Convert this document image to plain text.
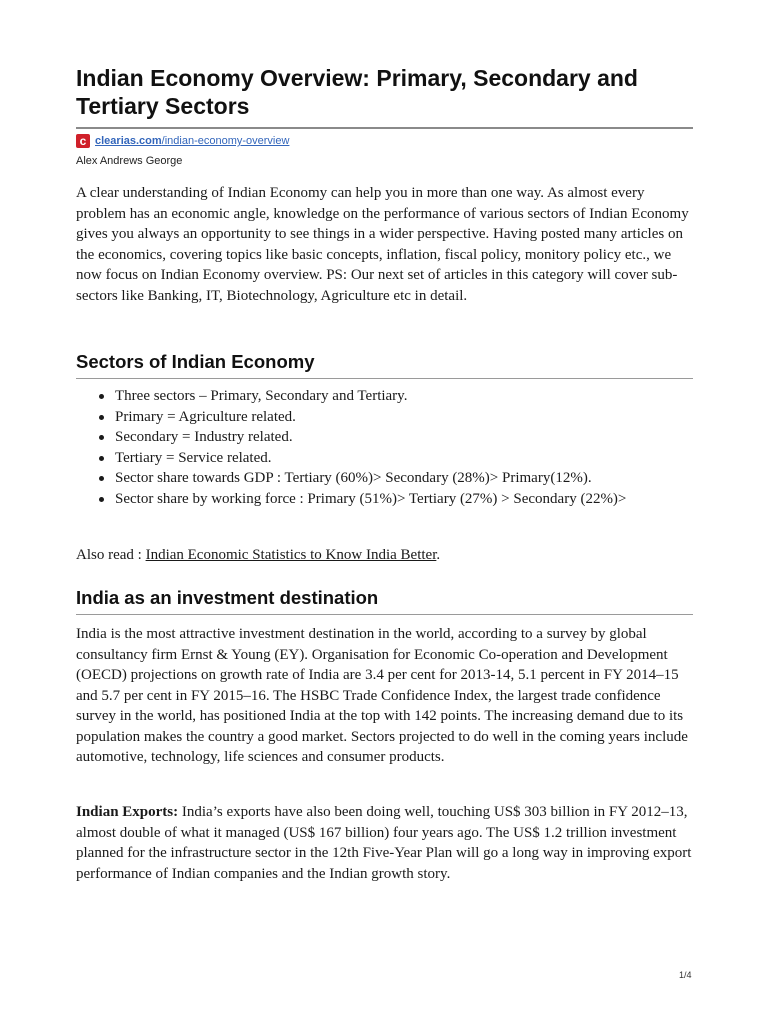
Indian Economy Overview: Primary, Secondary and Tertiary Sectors
c clearias.com/indian-economy-overview
Alex Andrews George

A clear understanding of Indian Economy can help you in more than one way. As almost every problem has an economic angle, knowledge on the performance of various sectors of Indian Economy gives you always an opportunity to see things in a wider perspective. Having posted many articles on the economics, covering topics like basic concepts, inflation, fiscal policy, monitory policy etc., we now focus on Indian Economy overview. PS: Our next set of articles in this category will cover sub-sectors like Banking, IT, Biotechnology, Agriculture etc in detail.

Sectors of Indian Economy
Three sectors – Primary, Secondary and Tertiary.
Primary = Agriculture related.
Secondary = Industry related.
Tertiary = Service related.
Sector share towards GDP : Tertiary (60%)> Secondary (28%)> Primary(12%).
Sector share by working force : Primary (51%)> Tertiary (27%) > Secondary (22%)>

Also read : Indian Economic Statistics to Know India Better.

India as an investment destination

India is the most attractive investment destination in the world, according to a survey by global consultancy firm Ernst & Young (EY). Organisation for Economic Co-operation and Development (OECD) projections on growth rate of India are 3.4 per cent for 2013-14, 5.1 percent in FY 2014–15 and 5.7 per cent in FY 2015–16. The HSBC Trade Confidence Index, the largest trade confidence survey in the world, has positioned India at the top with 142 points. The increasing demand due to its population makes the country a good market. Sectors projected to do well in the coming years include automotive, technology, life sciences and consumer products.

Indian Exports: India’s exports have also been doing well, touching US$ 303 billion in FY 2012–13, almost double of what it managed (US$ 167 billion) four years ago. The US$ 1.2 trillion investment planned for the infrastructure sector in the 12th Five-Year Plan will go a long way in improving export performance of Indian companies and the Indian growth story.

1/4
